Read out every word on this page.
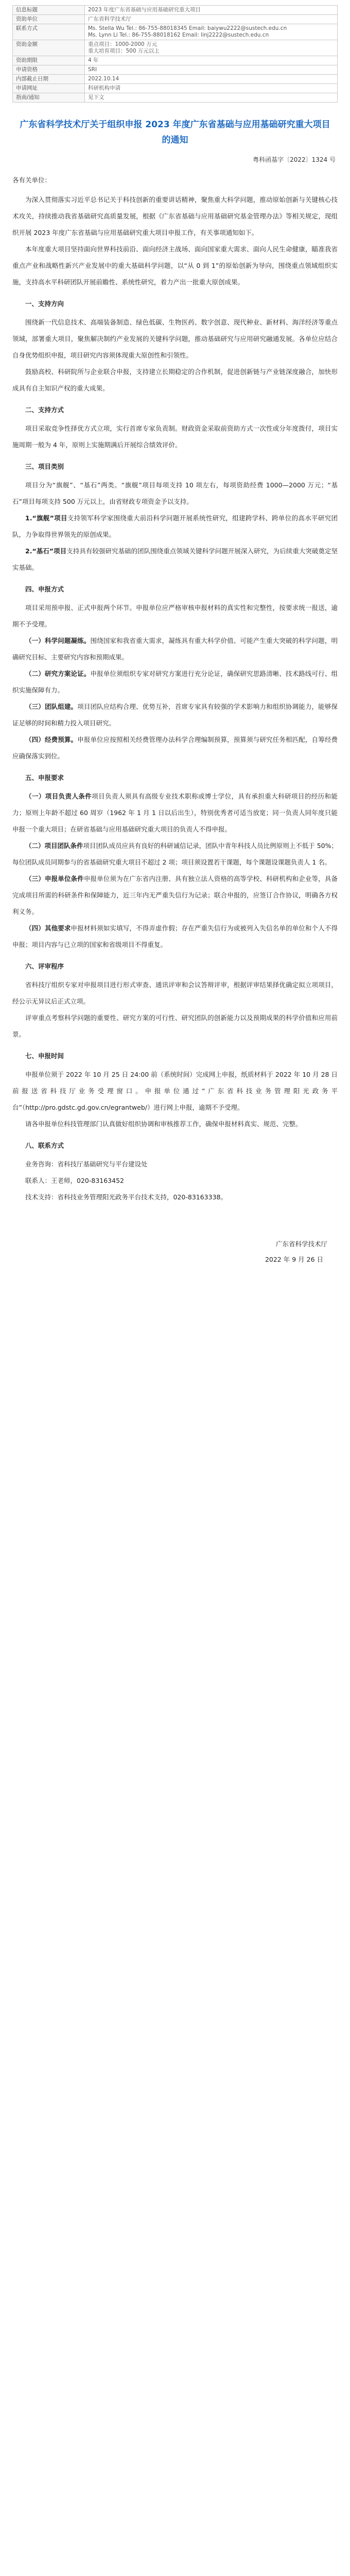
信息标题	2023 年度广东省基础与应用基础研究重大项目
资助单位	广东省科学技术厅
联系方式	Ms. Stella Wu Tel.: 86-755-88018345 Email: baiywu2222@sustech.edu.cn
Ms. Lynn Li Tel.: 86-755-88018162 Email: linj2222@sustech.edu.cn
资助金额	重点项目：1000-2000 万元
重大培育项目：500 万元以上
资助期限	4 年
申请资格	SRI
内部截止日期	2022.10.14
申请网址	科研机构申请
指南/通知	见下文
广东省科学技术厅关于组织申报 2023 年度广东省基础与应用基础研究重大项目的通知
粤科函基字〔2022〕1324 号
各有关单位：

为深入贯彻落实习近平总书记关于科技创新的重要讲话精神，聚焦重大科学问题，推动原始创新与关键核心技术攻关，持续推动我省基础研究高质量发展，根据《广东省基础与应用基础研究基金管理办法》等相关规定，现组织开展 2023 年度广东省基础与应用基础研究重大项目申报工作，有关事项通知如下。

本年度重大项目坚持面向世界科技前沿、面向经济主战场、面向国家重大需求、面向人民生命健康，瞄准我省重点产业和战略性新兴产业发展中的重大基础科学问题，以“从 0 到 1”的原始创新为导向，围绕重点领域组织实施，支持高水平科研团队开展前瞻性、系统性研究，着力产出一批重大原创成果。

一、支持方向

围绕新一代信息技术、高端装备制造、绿色低碳、生物医药、数字创意、现代种业、新材料、海洋经济等重点领域，部署重大项目，聚焦解决制约产业发展的关键科学问题，推动基础研究与应用研究融通发展。各单位应结合自身优势组织申报，项目研究内容须体现重大原创性和引领性。

鼓励高校、科研院所与企业联合申报，支持建立长期稳定的合作机制，促进创新链与产业链深度融合，加快形成具有自主知识产权的重大成果。

二、支持方式

项目采取竞争性择优方式立项，实行首席专家负责制。财政资金采取前资助方式一次性或分年度拨付，项目实施周期一般为 4 年，原则上实施期满后开展综合绩效评价。

三、项目类别

项目分为“旗舰”、“基石”两类。“旗舰”项目每项支持 10 项左右，每项资助经费 1000—2000 万元；“基石”项目每项支持 500 万元以上，由省财政专项资金予以支持。

1.“旗舰”项目支持领军科学家围绕重大前沿科学问题开展系统性研究，组建跨学科、跨单位的高水平研究团队，力争取得世界领先的原创成果。

2.“基石”项目支持具有较强研究基础的团队围绕重点领域关键科学问题开展深入研究，为后续重大突破奠定坚实基础。

四、申报方式

项目采用预申报、正式申报两个环节。申报单位应严格审核申报材料的真实性和完整性，按要求统一报送，逾期不予受理。

（一）科学问题凝练。围绕国家和我省重大需求，凝练具有重大科学价值、可能产生重大突破的科学问题，明确研究目标、主要研究内容和预期成果。

（二）研究方案论证。申报单位须组织专家对研究方案进行充分论证，确保研究思路清晰、技术路线可行、组织实施保障有力。

（三）团队组建。项目团队应结构合理、优势互补，首席专家具有较强的学术影响力和组织协调能力，能够保证足够的时间和精力投入项目研究。

（四）经费预算。申报单位应按照相关经费管理办法科学合理编制预算，预算须与研究任务相匹配，自筹经费应确保落实到位。

五、申报要求

（一）项目负责人条件项目负责人须具有高级专业技术职称或博士学位，具有承担重大科研项目的经历和能力；原则上年龄不超过 60 周岁（1962 年 1 月 1 日以后出生），特别优秀者可适当放宽；同一负责人同年度只能申报一个重大项目；在研省基础与应用基础研究重大项目的负责人不得申报。

（二）项目团队条件项目团队成员应具有良好的科研诚信记录，团队中青年科技人员比例原则上不低于 50%；每位团队成员同期参与的省基础研究重大项目不超过 2 项；项目须设置若干课题，每个课题设课题负责人 1 名。

（三）申报单位条件申报单位须为在广东省内注册、具有独立法人资格的高等学校、科研机构和企业等，具备完成项目所需的科研条件和保障能力，近三年内无严重失信行为记录；联合申报的，应签订合作协议，明确各方权利义务。

（四）其他要求申报材料须如实填写，不得弄虚作假；存在严重失信行为或被列入失信名单的单位和个人不得申报；项目内容与已立项的国家和省级项目不得重复。

六、评审程序

省科技厅组织专家对申报项目进行形式审查、通讯评审和会议答辩评审，根据评审结果择优确定拟立项项目，经公示无异议后正式立项。

评审重点考察科学问题的重要性、研究方案的可行性、研究团队的创新能力以及预期成果的科学价值和应用前景。

七、申报时间

申报单位须于 2022 年 10 月 25 日 24:00 前（系统时间）完成网上申报，纸质材料于 2022 年 10 月 28 日前报送省科技厅业务受理窗口。申报单位通过“广东省科技业务管理阳光政务平台”（http://pro.gdstc.gd.gov.cn/egrantweb/）进行网上申报，逾期不予受理。

请各申报单位科技管理部门认真做好组织协调和审核推荐工作，确保申报材料真实、规范、完整。

八、联系方式

业务咨询：省科技厅基础研究与平台建设处

联系人：王老师，020-83163452

技术支持：省科技业务管理阳光政务平台技术支持，020-83163338。

广东省科学技术厅
2022 年 9 月 26 日
